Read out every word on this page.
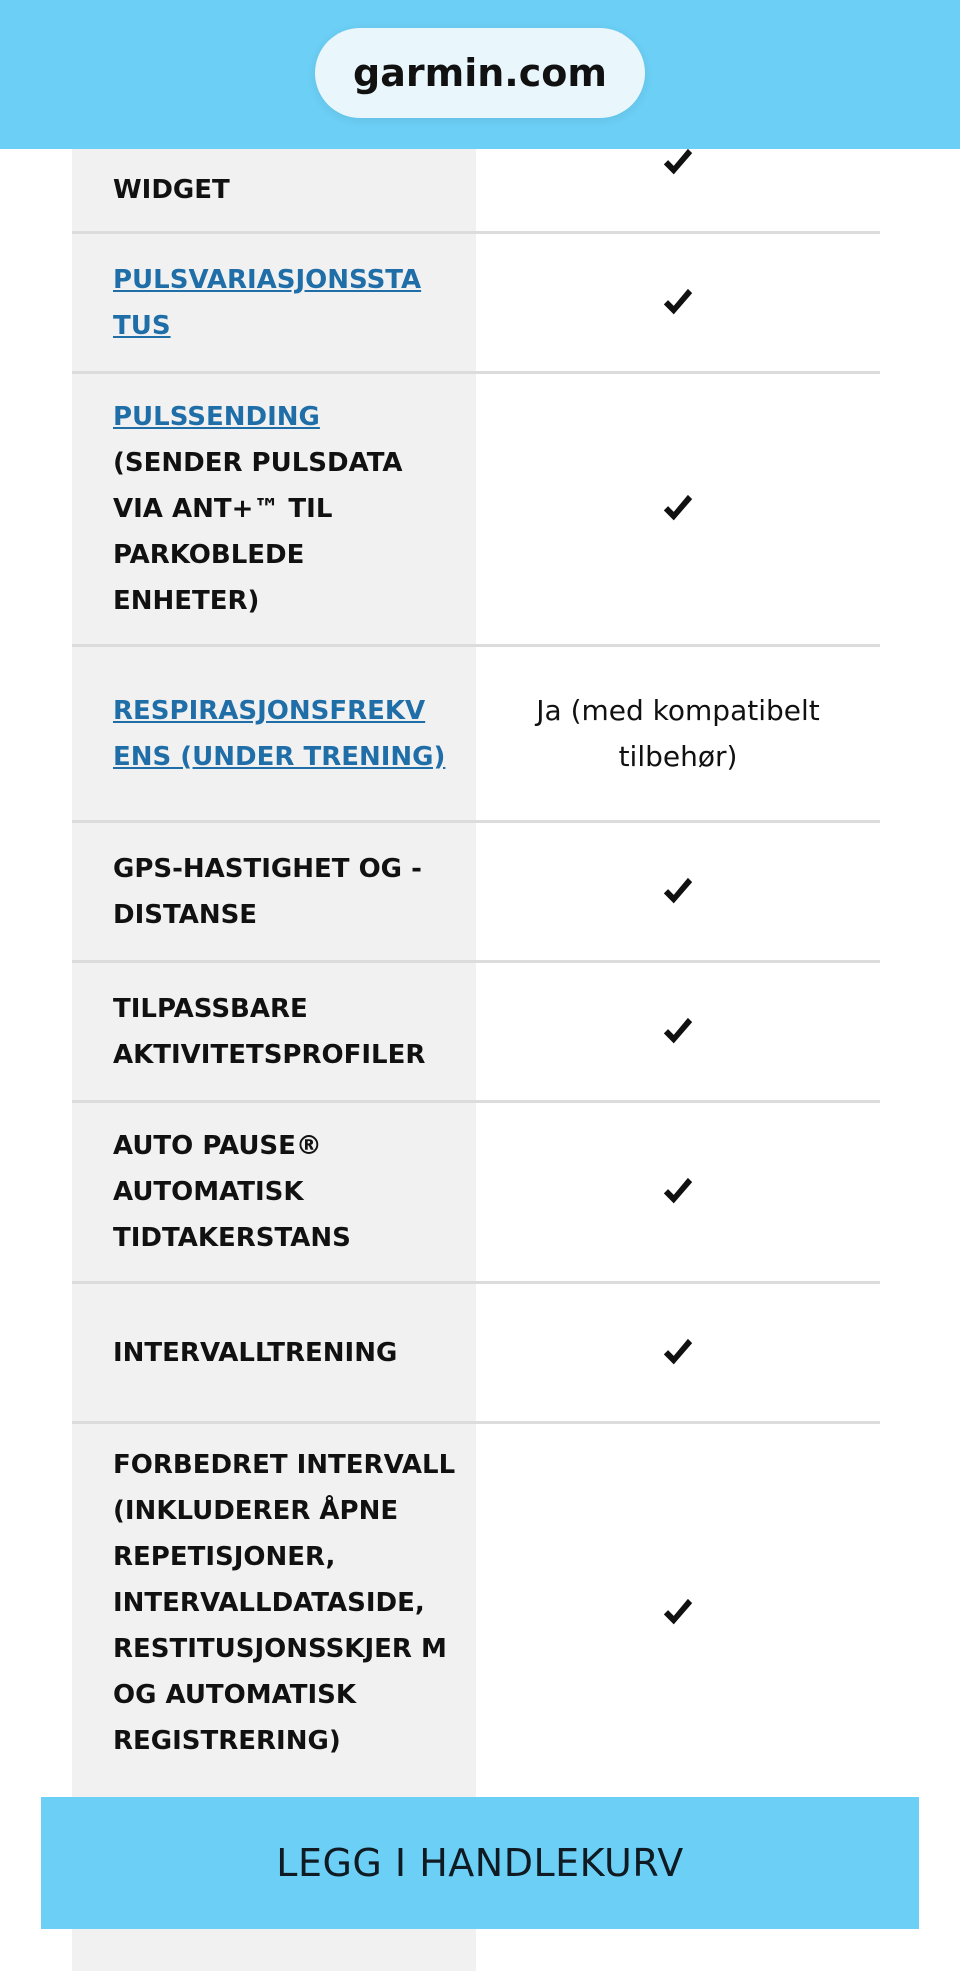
garmin.com
WIDGET
PULSVARIASJONSSTA TUS
PULSSENDING
(SENDER PULSDATA VIA ANT+™ TIL PARKOBLEDE ENHETER)
RESPIRASJONSFREKV ENS (UNDER TRENING)
Ja (med kompatibelt tilbehør)
GPS-HASTIGHET OG -DISTANSE
TILPASSBARE AKTIVITETSPROFILER
AUTO PAUSE® AUTOMATISK TIDTAKERSTANS
INTERVALLTRENING
FORBEDRET INTERVALL (INKLUDERER ÅPNE REPETISJONER, INTERVALLDATASIDE, RESTITUSJONSSKJER M OG AUTOMATISK REGISTRERING)
LEGG I HANDLEKURV
